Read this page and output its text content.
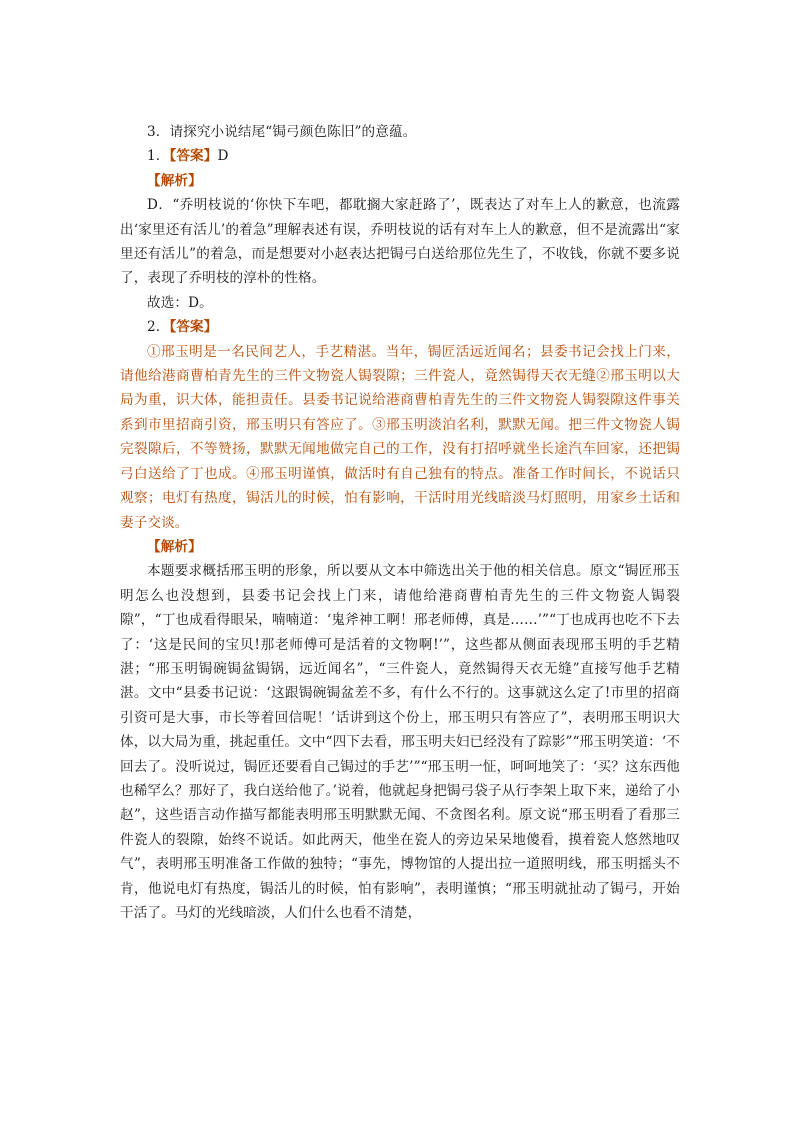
3．请探究小说结尾“锔弓颜色陈旧”的意蕴。

1．【答案】D

【解析】

D．“乔明枝说的‘你快下车吧，都耽搁大家赶路了’，既表达了对车上人的歉意，也流露出‘家里还有活儿’的着急”理解表述有误，乔明枝说的话有对车上人的歉意，但不是流露出“家里还有活儿”的着急，而是想要对小赵表达把锔弓白送给那位先生了，不收钱，你就不要多说了，表现了乔明枝的淳朴的性格。

故选：D。

2．【答案】

①邢玉明是一名民间艺人，手艺精湛。当年，锔匠活远近闻名；县委书记会找上门来，请他给港商曹柏青先生的三件文物瓷人锔裂隙；三件瓷人，竟然锔得天衣无缝②邢玉明以大局为重，识大体，能担责任。县委书记说给港商曹柏青先生的三件文物瓷人锔裂隙这件事关系到市里招商引资，邢玉明只有答应了。③邢玉明淡泊名利，默默无闻。把三件文物瓷人锔完裂隙后，不等赞扬，默默无闻地做完自己的工作，没有打招呼就坐长途汽车回家，还把锔弓白送给了丁也成。④邢玉明谨慎，做活时有自己独有的特点。准备工作时间长，不说话只观察；电灯有热度，锔活儿的时候，怕有影响，干活时用光线暗淡马灯照明，用家乡土话和妻子交谈。

【解析】

本题要求概括邢玉明的形象，所以要从文本中筛选出关于他的相关信息。原文“锔匠邢玉明怎么也没想到，县委书记会找上门来，请他给港商曹柏青先生的三件文物瓷人锔裂隙”，“丁也成看得眼呆，喃喃道：‘鬼斧神工啊！邢老师傅，真是……’”“丁也成再也吃不下去了：‘这是民间的宝贝!那老师傅可是活着的文物啊!’”，这些都从侧面表现邢玉明的手艺精湛；“邢玉明锔碗锔盆锔锅，远近闻名”，“三件瓷人，竟然锔得天衣无缝”直接写他手艺精湛。文中“县委书记说：‘这跟锔碗锔盆差不多，有什么不行的。这事就这么定了!市里的招商引资可是大事，市长等着回信呢！’话讲到这个份上，邢玉明只有答应了”，表明邢玉明识大体，以大局为重，挑起重任。文中“四下去看，邢玉明夫妇已经没有了踪影”“邢玉明笑道：‘不回去了。没听说过，锔匠还要看自己锔过的手艺’”“邢玉明一怔，呵呵地笑了：‘买？这东西他也稀罕么？那好了，我白送给他了。’说着，他就起身把锔弓袋子从行李架上取下来，递给了小赵”，这些语言动作描写都能表明邢玉明默默无闻、不贪图名利。原文说“邢玉明看了看那三件瓷人的裂隙，始终不说话。如此两天，他坐在瓷人的旁边呆呆地傻看，摸着瓷人悠然地叹气”，表明邢玉明准备工作做的独特；“事先，博物馆的人提出拉一道照明线，邢玉明摇头不肯，他说电灯有热度，锔活儿的时候，怕有影响”，表明谨慎；“邢玉明就扯动了锔弓，开始干活了。马灯的光线暗淡，人们什么也看不清楚，
